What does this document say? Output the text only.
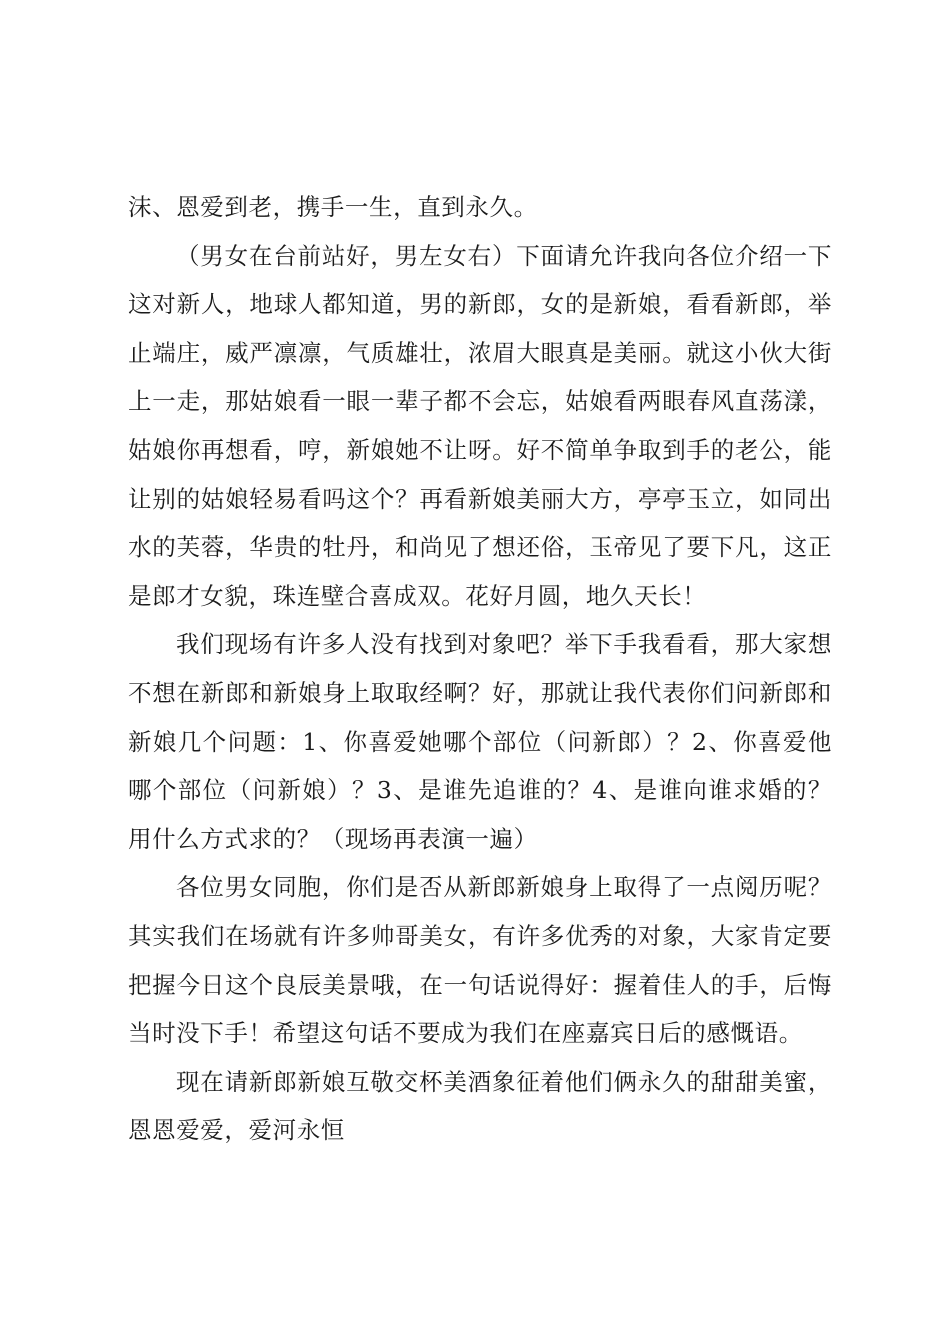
沫、恩爱到老，携手一生，直到永久。

（男女在台前站好，男左女右）下面请允许我向各位介绍一下这对新人，地球人都知道，男的新郎，女的是新娘，看看新郎，举止端庄，威严凛凛，气质雄壮，浓眉大眼真是美丽。就这小伙大街上一走，那姑娘看一眼一辈子都不会忘，姑娘看两眼春风直荡漾，姑娘你再想看，哼，新娘她不让呀。好不简单争取到手的老公，能让别的姑娘轻易看吗这个？再看新娘美丽大方，亭亭玉立，如同出水的芙蓉，华贵的牡丹，和尚见了想还俗，玉帝见了要下凡，这正是郎才女貌，珠连壁合喜成双。花好月圆，地久天长！

我们现场有许多人没有找到对象吧？举下手我看看，那大家想不想在新郎和新娘身上取取经啊？好，那就让我代表你们问新郎和新娘几个问题：1、你喜爱她哪个部位（问新郎）？2、你喜爱他哪个部位（问新娘）？3、是谁先追谁的？4、是谁向谁求婚的？用什么方式求的？（现场再表演一遍）

各位男女同胞，你们是否从新郎新娘身上取得了一点阅历呢？其实我们在场就有许多帅哥美女，有许多优秀的对象，大家肯定要把握今日这个良辰美景哦，在一句话说得好：握着佳人的手，后悔当时没下手！希望这句话不要成为我们在座嘉宾日后的感慨语。

现在请新郎新娘互敬交杯美酒象征着他们俩永久的甜甜美蜜，恩恩爱爱，爱河永恒
